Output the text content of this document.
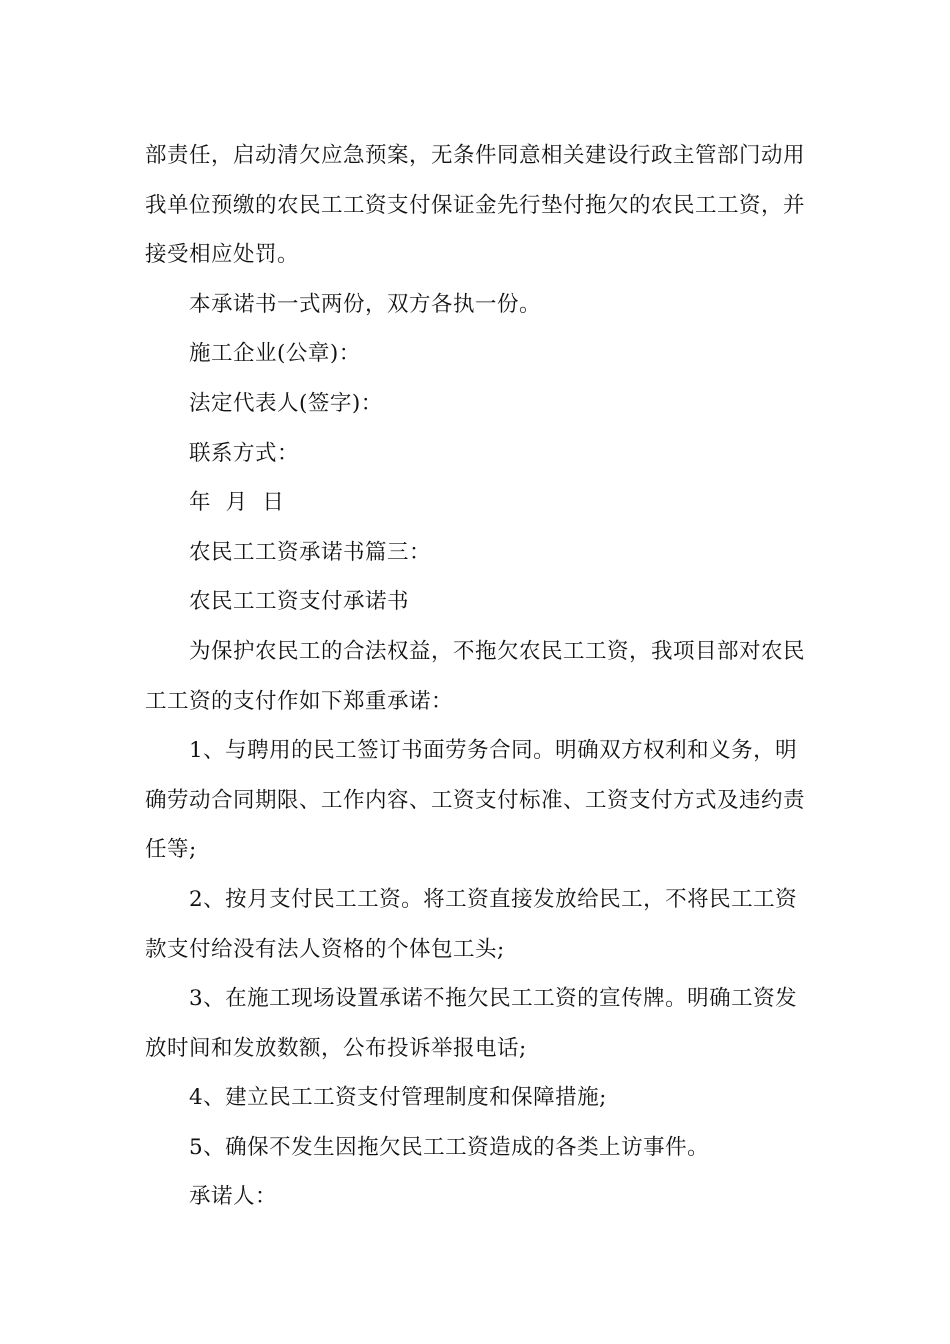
部责任，启动清欠应急预案，无条件同意相关建设行政主管部门动用我单位预缴的农民工工资支付保证金先行垫付拖欠的农民工工资，并接受相应处罚。

本承诺书一式两份，双方各执一份。

施工企业(公章)：

法定代表人(签字)：

联系方式：

年  月  日

农民工工资承诺书篇三：

农民工工资支付承诺书

为保护农民工的合法权益，不拖欠农民工工资，我项目部对农民工工资的支付作如下郑重承诺：

1、与聘用的民工签订书面劳务合同。明确双方权利和义务，明确劳动合同期限、工作内容、工资支付标准、工资支付方式及违约责任等;

2、按月支付民工工资。将工资直接发放给民工，不将民工工资款支付给没有法人资格的个体包工头;

3、在施工现场设置承诺不拖欠民工工资的宣传牌。明确工资发放时间和发放数额，公布投诉举报电话;

4、建立民工工资支付管理制度和保障措施;

5、确保不发生因拖欠民工工资造成的各类上访事件。

承诺人：
